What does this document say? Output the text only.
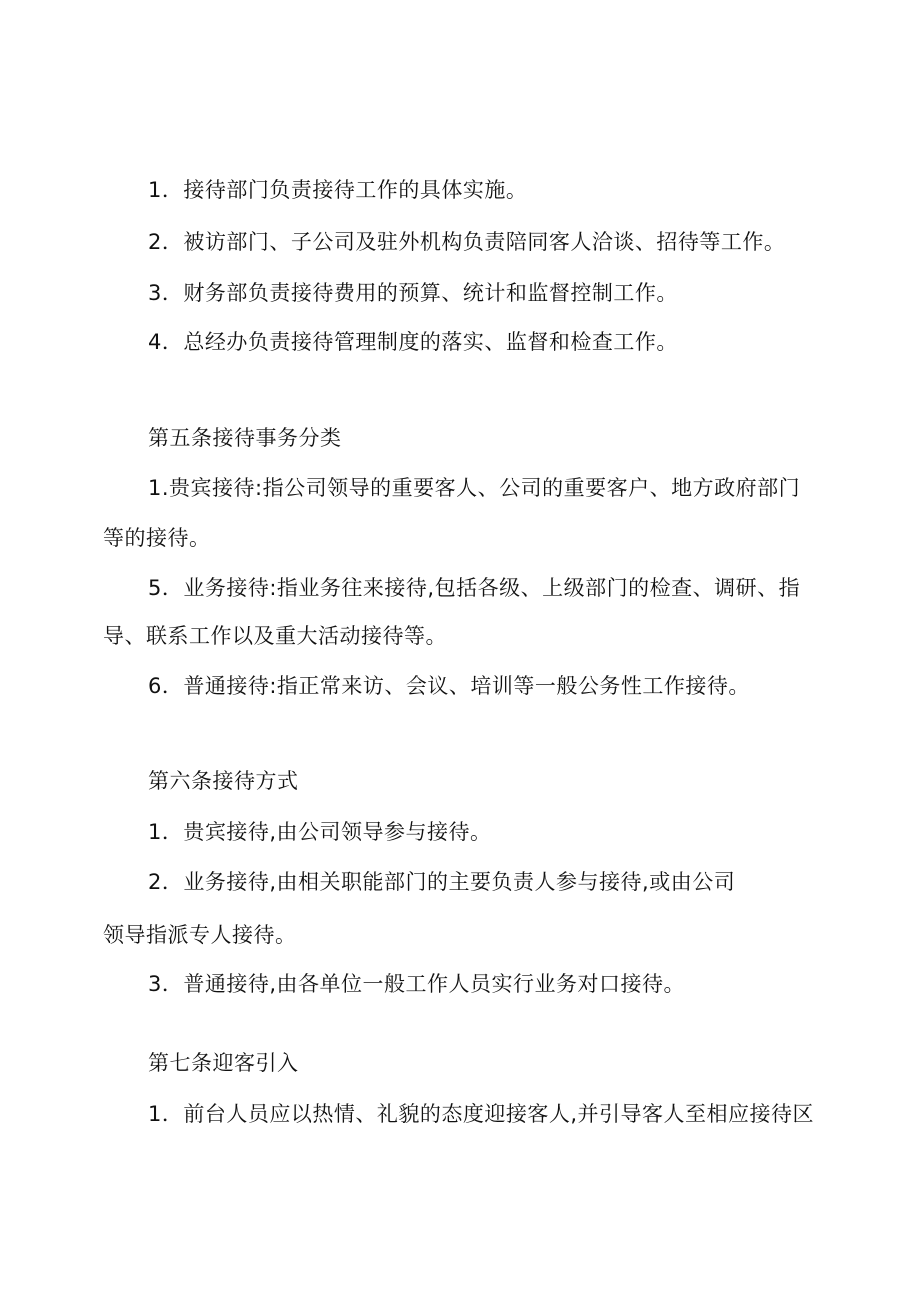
1．接待部门负责接待工作的具体实施。
2．被访部门、子公司及驻外机构负责陪同客人洽谈、招待等工作。
3．财务部负责接待费用的预算、统计和监督控制工作。
4．总经办负责接待管理制度的落实、监督和检查工作。
第五条接待事务分类
1.贵宾接待:指公司领导的重要客人、公司的重要客户、地方政府部门
等的接待。
5．业务接待:指业务往来接待,包括各级、上级部门的检查、调研、指
导、联系工作以及重大活动接待等。
6．普通接待:指正常来访、会议、培训等一般公务性工作接待。
第六条接待方式
1．贵宾接待,由公司领导参与接待。
2．业务接待,由相关职能部门的主要负责人参与接待,或由公司
领导指派专人接待。
3．普通接待,由各单位一般工作人员实行业务对口接待。
第七条迎客引入
1．前台人员应以热情、礼貌的态度迎接客人,并引导客人至相应接待区
